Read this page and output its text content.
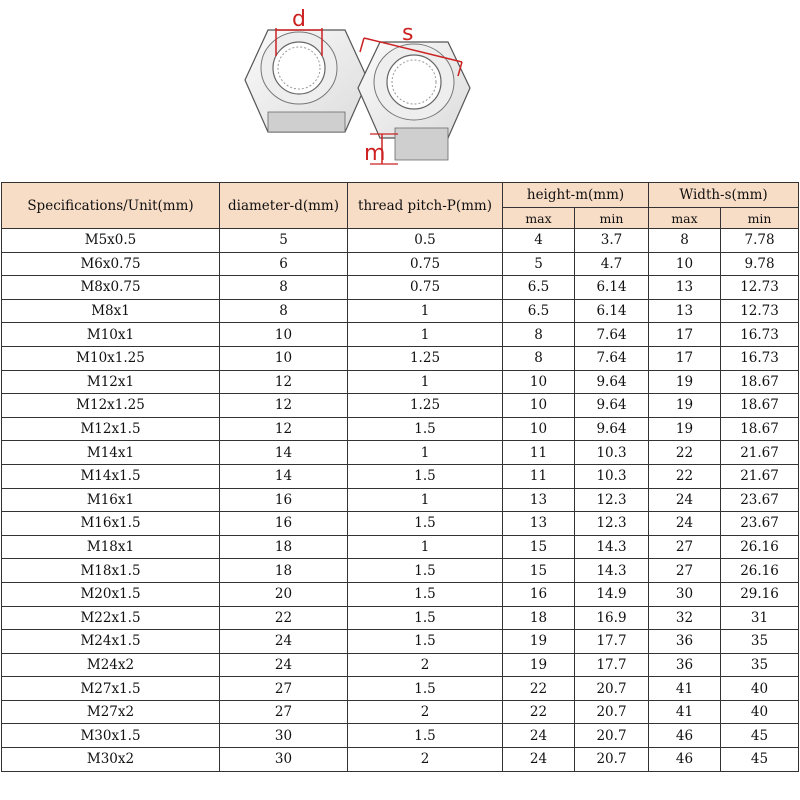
d
s
m
Specifications/Unit(mm)	diameter-d(mm)	thread pitch-P(mm)	height-m(mm)		Width-s(mm)	
			max	min	max	min
M5x0.5	5	0.5	4	3.7	8	7.78
M6x0.75	6	0.75	5	4.7	10	9.78
M8x0.75	8	0.75	6.5	6.14	13	12.73
M8x1	8	1	6.5	6.14	13	12.73
M10x1	10	1	8	7.64	17	16.73
M10x1.25	10	1.25	8	7.64	17	16.73
M12x1	12	1	10	9.64	19	18.67
M12x1.25	12	1.25	10	9.64	19	18.67
M12x1.5	12	1.5	10	9.64	19	18.67
M14x1	14	1	11	10.3	22	21.67
M14x1.5	14	1.5	11	10.3	22	21.67
M16x1	16	1	13	12.3	24	23.67
M16x1.5	16	1.5	13	12.3	24	23.67
M18x1	18	1	15	14.3	27	26.16
M18x1.5	18	1.5	15	14.3	27	26.16
M20x1.5	20	1.5	16	14.9	30	29.16
M22x1.5	22	1.5	18	16.9	32	31
M24x1.5	24	1.5	19	17.7	36	35
M24x2	24	2	19	17.7	36	35
M27x1.5	27	1.5	22	20.7	41	40
M27x2	27	2	22	20.7	41	40
M30x1.5	30	1.5	24	20.7	46	45
M30x2	30	2	24	20.7	46	45
